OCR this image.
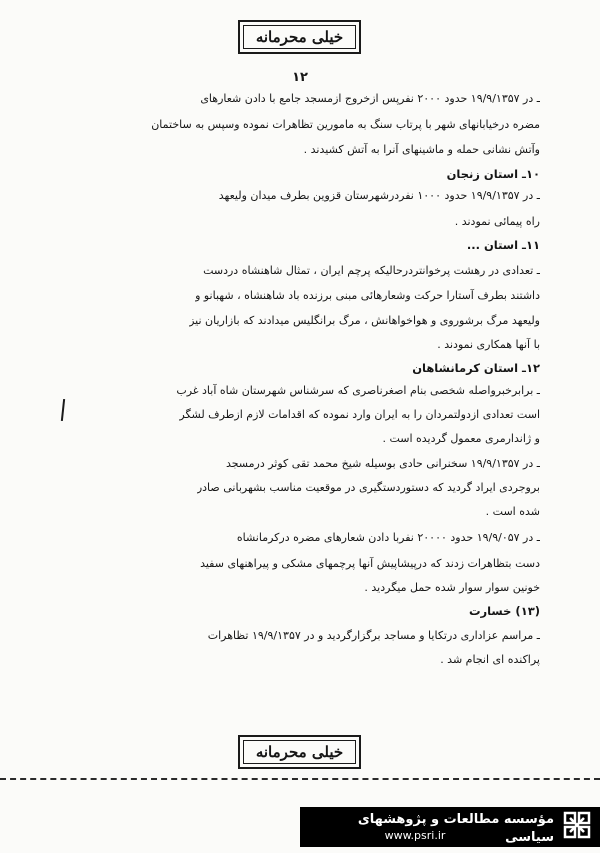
خیلی محرمانه
۱۲
ـ در ۱۹/۹/۱۳۵۷ حدود ۲۰۰۰ نفرپس ازخروج ازمسجد جامع با دادن شعارهای
مضره درخیابانهای شهر با پرتاب سنگ به مامورین تظاهرات نموده وسپس به ساختمان
وآتش نشانی حمله و ماشینهای آنرا به آتش کشیدند .
۱۰ـ استان زنجان
ـ در ۱۹/۹/۱۳۵۷ حدود ۱۰۰۰ نفردرشهرستان قزوین بطرف میدان ولیعهد
راه پیمائی نمودند .
۱۱ـ استان ...
ـ تعدادی در رهشت پرخوانتردرحالیکه پرچم ایران ، تمثال شاهنشاه دردست
داشتند بطرف آستارا حرکت وشعارهائی مبنی برزنده باد شاهنشاه ، شهبانو و
ولیعهد مرگ برشوروی و هواخواهانش ، مرگ برانگلیس میدادند که بازاریان نیز
با آنها همکاری نمودند .
۱۲ـ استان کرمانشاهان
ـ برابرخبرواصله شخصی بنام اصغرناصری که سرشناس شهرستان شاه آباد غرب
است تعدادی ازدولتمردان را به ایران وارد نموده که اقدامات لازم ازطرف لشگر
و ژاندارمری معمول گردیده است .
ـ در ۱۹/۹/۱۳۵۷ سخنرانی حادی بوسیله شیخ محمد تقی کوثر درمسجد
بروجردی ایراد گردید که دستوردستگیری در موقعیت مناسب بشهربانی صادر
شده است .
ـ در ۱۹/۹/۰۵۷ حدود ۲۰۰۰۰ نفربا دادن شعارهای مضره درکرمانشاه
دست بتظاهرات زدند که درپیشاپیش آنها پرچمهای مشکی و پیراهنهای سفید
خونین سوار سوار شده حمل میگردید .
(۱۳) خسارت
ـ مراسم عزاداری درتکایا و مساجد برگزارگردید و در ۱۹/۹/۱۳۵۷ تظاهرات
پراکنده ای انجام شد .
خیلی محرمانه
مؤسسه مطالعات و پژوهشهای سیاسی
www.psri.ir
